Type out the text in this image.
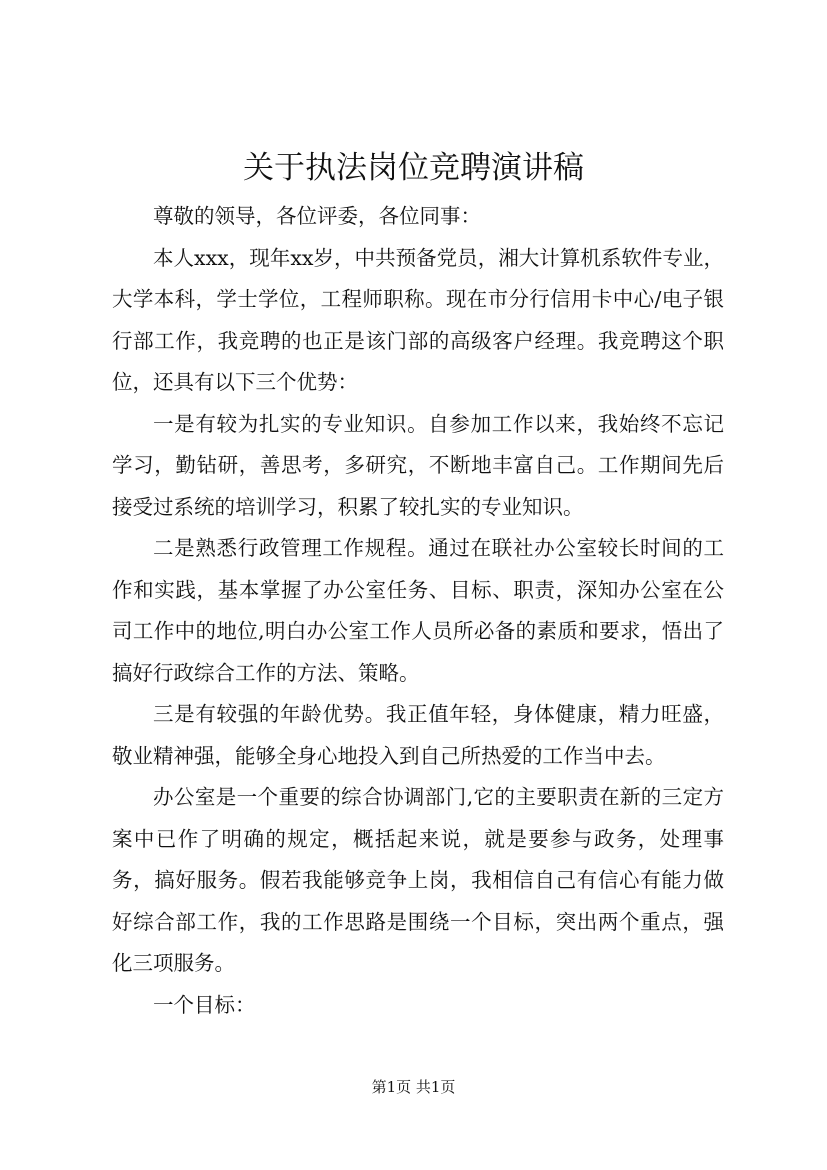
关于执法岗位竞聘演讲稿

尊敬的领导，各位评委，各位同事：

本人xxx，现年xx岁，中共预备党员，湘大计算机系软件专业，大学本科，学士学位，工程师职称。现在市分行信用卡中心/电子银行部工作，我竞聘的也正是该门部的高级客户经理。我竞聘这个职位，还具有以下三个优势：

一是有较为扎实的专业知识。自参加工作以来，我始终不忘记学习，勤钻研，善思考，多研究，不断地丰富自己。工作期间先后接受过系统的培训学习，积累了较扎实的专业知识。

二是熟悉行政管理工作规程。通过在联社办公室较长时间的工作和实践，基本掌握了办公室任务、目标、职责，深知办公室在公司工作中的地位,明白办公室工作人员所必备的素质和要求，悟出了搞好行政综合工作的方法、策略。

三是有较强的年龄优势。我正值年轻，身体健康，精力旺盛，敬业精神强，能够全身心地投入到自己所热爱的工作当中去。

办公室是一个重要的综合协调部门,它的主要职责在新的三定方案中已作了明确的规定，概括起来说，就是要参与政务，处理事务，搞好服务。假若我能够竞争上岗，我相信自己有信心有能力做好综合部工作，我的工作思路是围绕一个目标，突出两个重点，强化三项服务。

一个目标：

第1页 共1页
